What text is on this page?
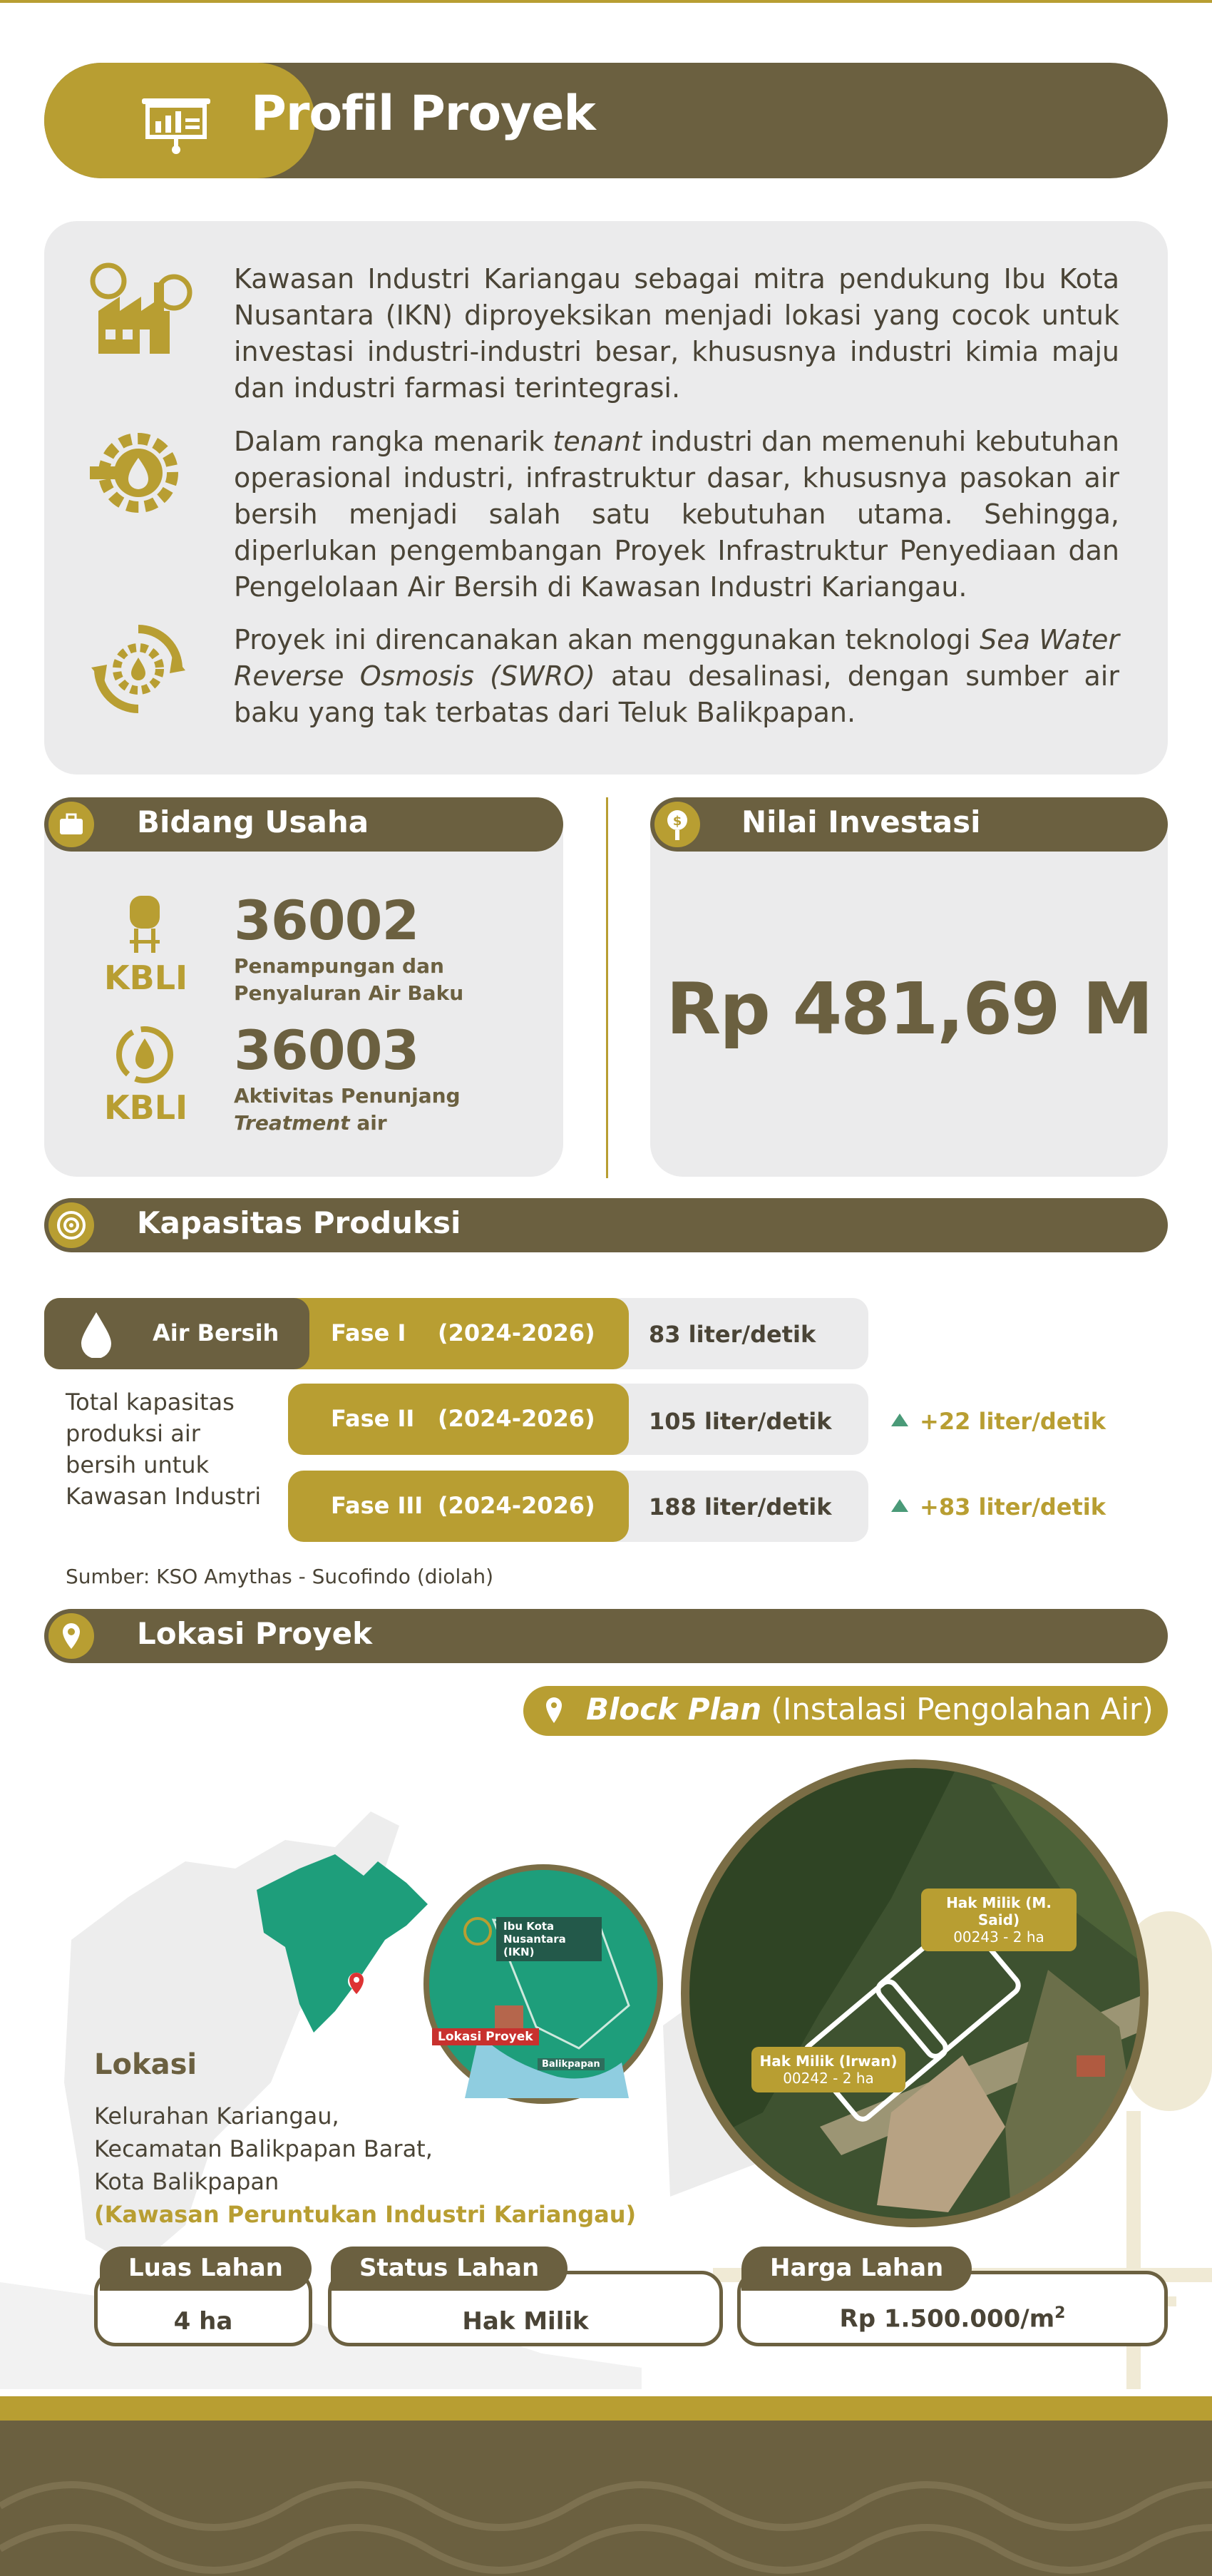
Profil Proyek
Kawasan Industri Kariangau sebagai mitra pendukung Ibu Kota Nusantara (IKN) diproyeksikan menjadi lokasi yang cocok untuk investasi industri-industri besar, khususnya industri kimia maju dan industri farmasi terintegrasi.
Dalam rangka menarik tenant industri dan memenuhi kebutuhan operasional industri, infrastruktur dasar, khususnya pasokan air bersih menjadi salah satu kebutuhan utama. Sehingga, diperlukan pengembangan Proyek Infrastruktur Penyediaan dan Pengelolaan Air Bersih di Kawasan Industri Kariangau.
Proyek ini direncanakan akan menggunakan teknologi Sea Water Reverse Osmosis (SWRO) atau desalinasi, dengan sumber air baku yang tak terbatas dari Teluk Balikpapan.
Bidang Usaha
KBLI
36002
Penampungan dan
Penyaluran Air Baku
KBLI
36003
Aktivitas Penunjang
Treatment air
$ Nilai Investasi
Rp 481,69 M
Kapasitas Produksi
Air Bersih Fase I (2024-2026) 83 liter/detik
Fase II (2024-2026) 105 liter/detik	+22 liter/detik
Fase III (2024-2026) 188 liter/detik	+83 liter/detik
Total kapasitas produksi air bersih untuk Kawasan Industri
Sumber: KSO Amythas - Sucofindo (diolah)
Lokasi Proyek
Block Plan (Instalasi Pengolahan Air)
Ibu Kota Nusantara (IKN)
Lokasi Proyek
Balikpapan
Hak Milik (M. Said)
00243 - 2 ha
Hak Milik (Irwan)
00242 - 2 ha
Lokasi
Kelurahan Kariangau,
Kecamatan Balikpapan Barat,
Kota Balikpapan
(Kawasan Peruntukan Industri Kariangau)
4 ha
Luas Lahan
Hak Milik
Status Lahan
Rp $1.500.000/m^2$
Harga Lahan
